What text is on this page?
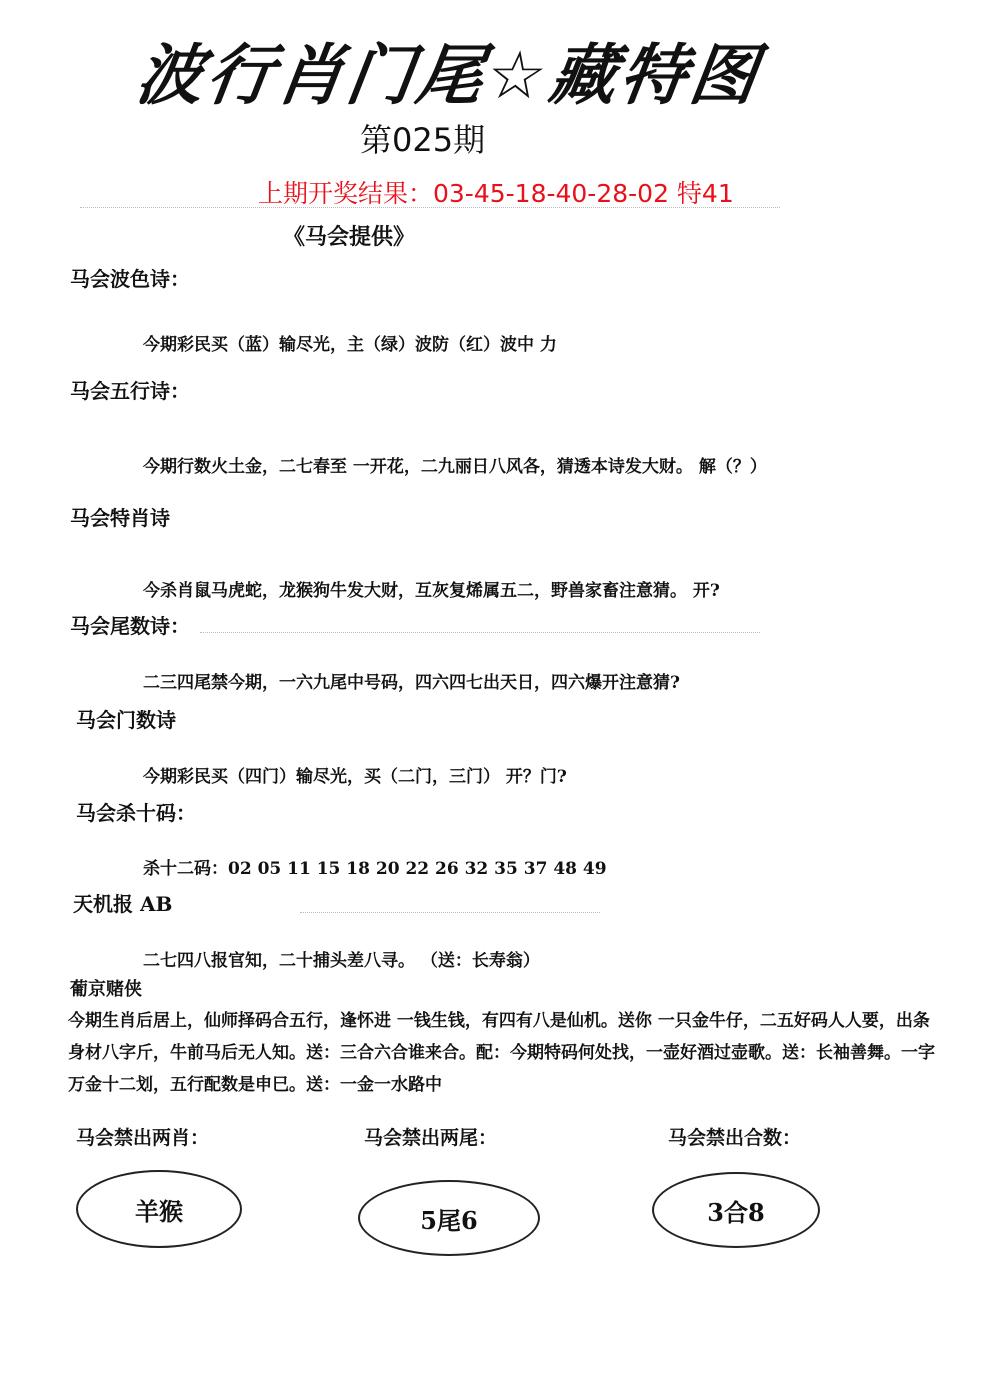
波行肖门尾☆藏特图
第025期
上期开奖结果：03-45-18-40-28-02 特41
《马会提供》
马会波色诗：
今期彩民买（蓝）输尽光，主（绿）波防（红）波中 力
马会五行诗：
今期行数火土金，二七春至 一开花，二九丽日八风各，猜透本诗发大财。 解（？）
马会特肖诗
今杀肖鼠马虎蛇，龙猴狗牛发大财，互灰复烯属五二，野兽家畜注意猜。 开?
马会尾数诗：
二三四尾禁今期，一六九尾中号码，四六四七出天日，四六爆开注意猜?
马会门数诗
今期彩民买（四门）输尽光，买（二门，三门） 开？门?
马会杀十码：
杀十二码：02 05 11 15 18 20 22 26 32 35 37 48 49
天机报 AB
二七四八报官知，二十捕头差八寻。 （送：长寿翁）
葡京赌侠
今期生肖后居上，仙师择码合五行，逢怀进 一钱生钱，有四有八是仙机。送你 一只金牛仔，二五好码人人要，出条身材八字斤，牛前马后无人知。送：三合六合谁来合。配：今期特码何处找，一壶好酒过壶歌。送：长袖善舞。一字万金十二划，五行配数是申巳。送：一金一水路中
马会禁出两肖：	马会禁出两尾：	马会禁出合数：
羊猴	5尾6	3合8
